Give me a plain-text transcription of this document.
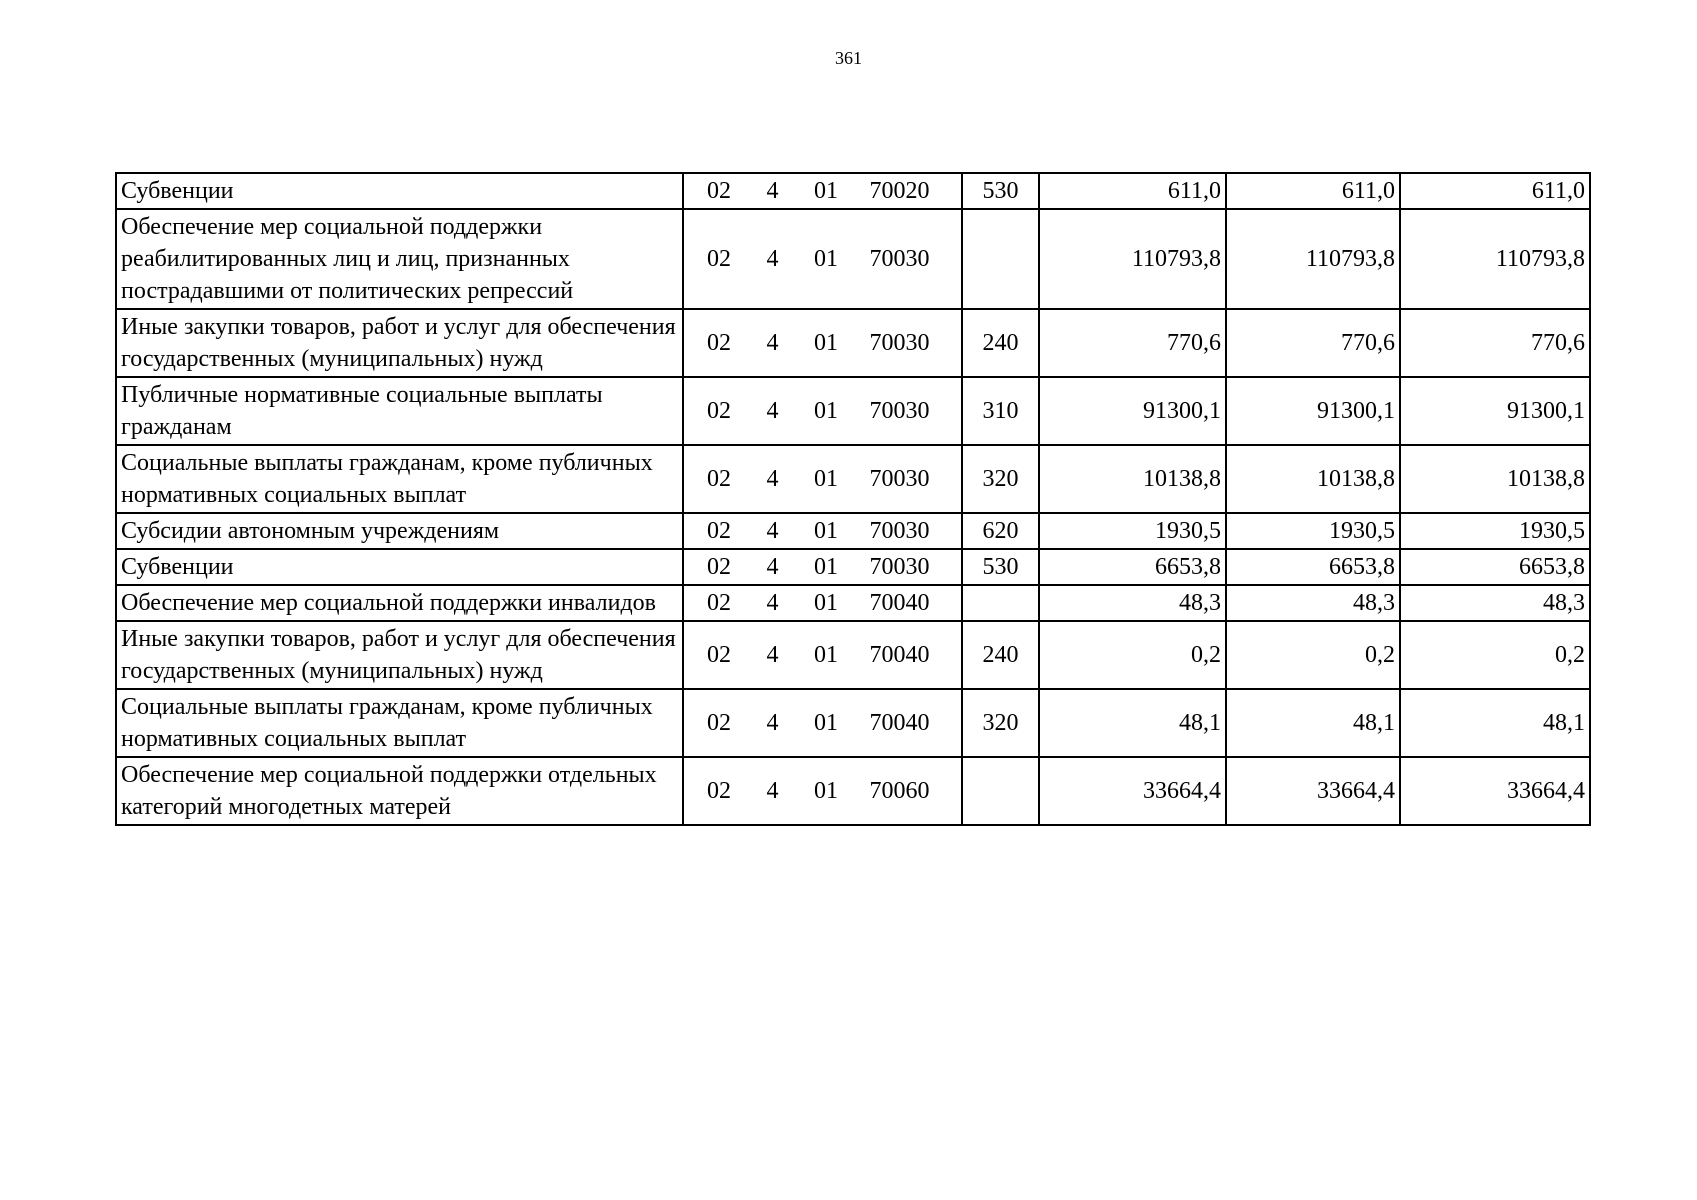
361
Субвенции	02 4 01 70020	530	611,0	611,0	611,0
Обеспечение мер социальной поддержки реабилитированных лиц и лиц, признанных пострадавшими от политических репрессий	02 4 01 70030		110793,8	110793,8	110793,8
Иные закупки товаров, работ и услуг для обеспечения государственных (муниципальных) нужд	02 4 01 70030	240	770,6	770,6	770,6
Публичные нормативные социальные выплаты гражданам	02 4 01 70030	310	91300,1	91300,1	91300,1
Социальные выплаты гражданам, кроме публичных нормативных социальных выплат	02 4 01 70030	320	10138,8	10138,8	10138,8
Субсидии автономным учреждениям	02 4 01 70030	620	1930,5	1930,5	1930,5
Субвенции	02 4 01 70030	530	6653,8	6653,8	6653,8
Обеспечение мер социальной поддержки инвалидов	02 4 01 70040		48,3	48,3	48,3
Иные закупки товаров, работ и услуг для обеспечения государственных (муниципальных) нужд	02 4 01 70040	240	0,2	0,2	0,2
Социальные выплаты гражданам, кроме публичных нормативных социальных выплат	02 4 01 70040	320	48,1	48,1	48,1
Обеспечение мер социальной поддержки отдельных категорий многодетных матерей	02 4 01 70060		33664,4	33664,4	33664,4
